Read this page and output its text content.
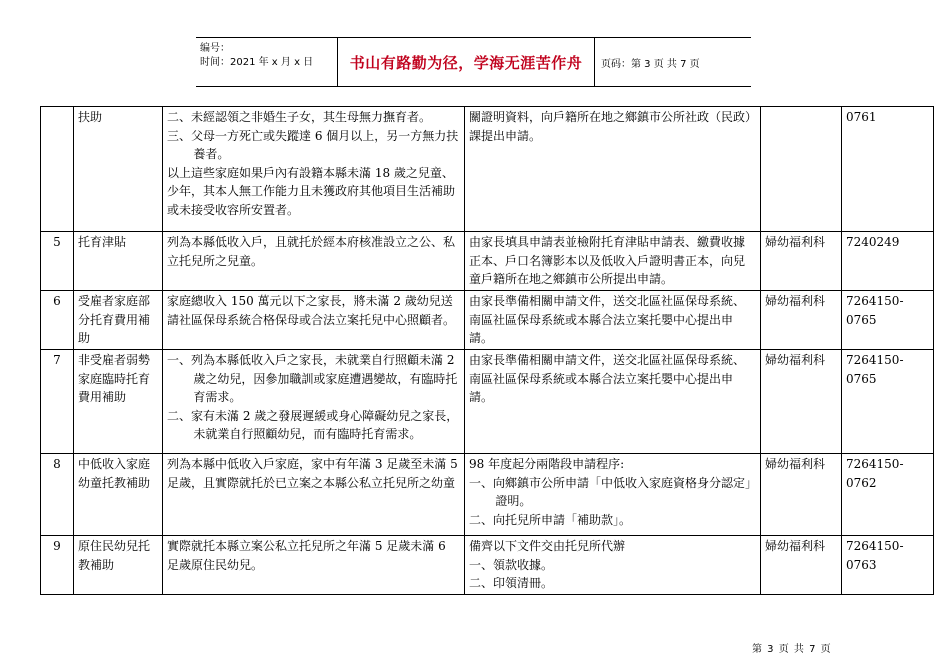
编号：
时间：2021 年 x 月 x 日	书山有路勤为径，学海无涯苦作舟	页码：第 3 页 共 7 页
	扶助	二、未經認領之非婚生子女，其生母無力撫育者。
三、父母一方死亡或失蹤達 6 個月以上，另一方無力扶養者。
以上這些家庭如果戶內有設籍本縣未滿 18 歲之兒童、少年，其本人無工作能力且未獲政府其他項目生活補助或未接受收容所安置者。	關證明資料，向戶籍所在地之鄉鎮市公所社政（民政）課提出申請。		0761
5	托育津貼	列為本縣低收入戶，且就托於經本府核准設立之公、私立托兒所之兒童。	由家長填具申請表並檢附托育津貼申請表、繳費收據正本、戶口名簿影本以及低收入戶證明書正本，向兒童戶籍所在地之鄉鎮市公所提出申請。	婦幼福利科	7240249
6	受雇者家庭部分托育費用補助	家庭總收入 150 萬元以下之家長，將未滿 2 歲幼兒送請社區保母系統合格保母或合法立案托兒中心照顧者。	由家長準備相關申請文件，送交北區社區保母系統、南區社區保母系統或本縣合法立案托嬰中心提出申請。	婦幼福利科	7264150-0765
7	非受雇者弱勢家庭臨時托育費用補助	一、列為本縣低收入戶之家長，未就業自行照顧未滿 2 歲之幼兒，因參加職訓或家庭遭遇變故，有臨時托育需求。
二、家有未滿 2 歲之發展遲緩或身心障礙幼兒之家長，未就業自行照顧幼兒，而有臨時托育需求。	由家長準備相關申請文件，送交北區社區保母系統、南區社區保母系統或本縣合法立案托嬰中心提出申請。	婦幼福利科	7264150-0765
8	中低收入家庭幼童托教補助	列為本縣中低收入戶家庭，家中有年滿 3 足歲至未滿 5 足歲，且實際就托於已立案之本縣公私立托兒所之幼童	98 年度起分兩階段申請程序:
一、向鄉鎮市公所申請「中低收入家庭資格身分認定」證明。
二、向托兒所申請「補助款」。	婦幼福利科	7264150-0762
9	原住民幼兒托教補助	實際就托本縣立案公私立托兒所之年滿 5 足歲未滿 6 足歲原住民幼兒。	備齊以下文件交由托兒所代辦
一、領款收據。
二、印領清冊。	婦幼福利科	7264150-0763
第 3 页 共 7 页
